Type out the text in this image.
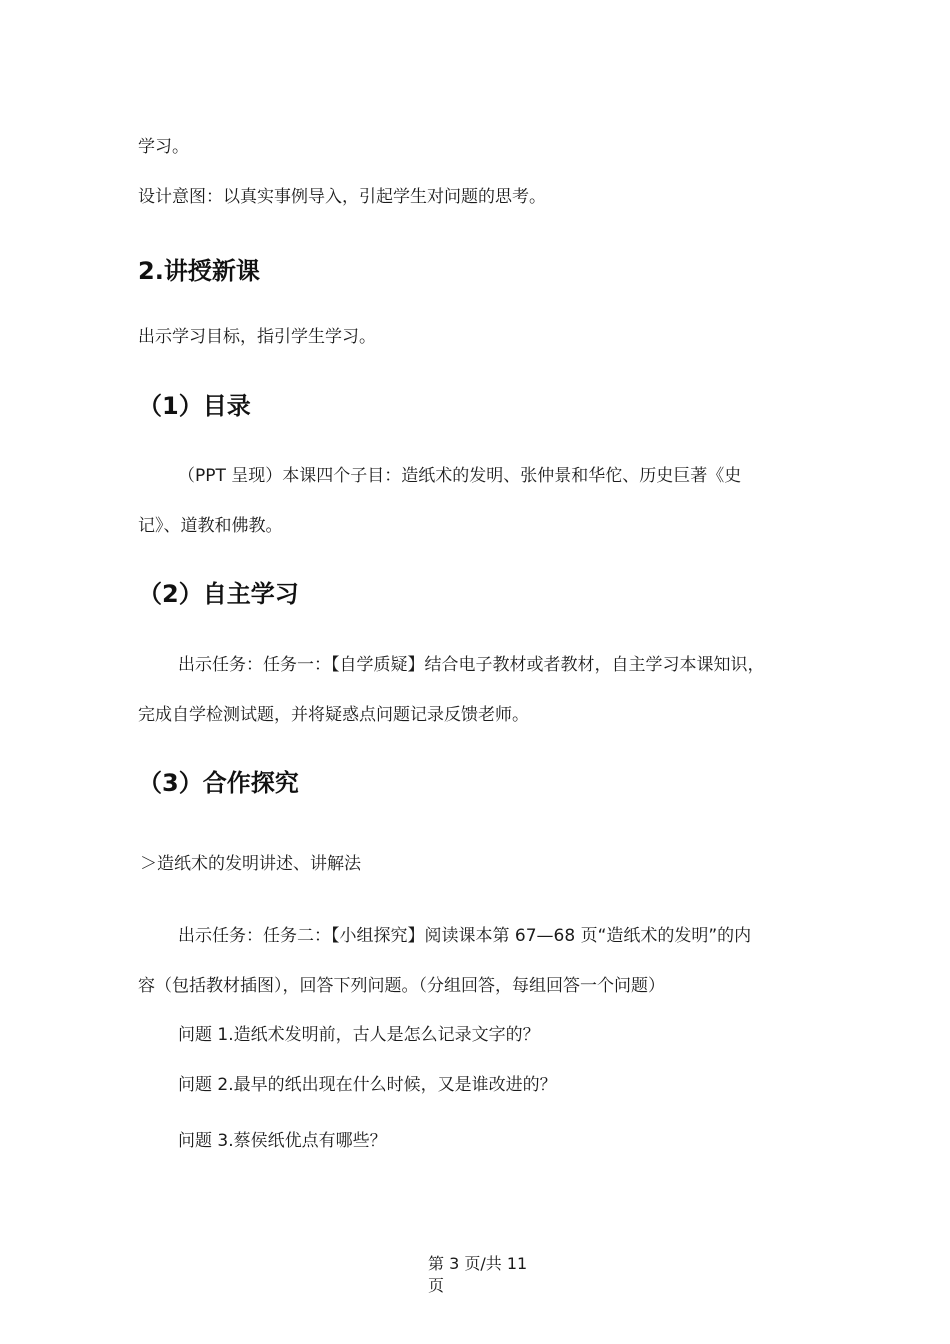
学习。

设计意图：以真实事例导入，引起学生对问题的思考。

2.讲授新课

出示学习目标，指引学生学习。

（1）目录

（PPT 呈现）本课四个子目：造纸术的发明、张仲景和华佗、历史巨著《史

记》、道教和佛教。

（2）自主学习

出示任务：任务一：【自学质疑】结合电子教材或者教材，自主学习本课知识，

完成自学检测试题，并将疑惑点问题记录反馈老师。

（3）合作探究

＞造纸术的发明讲述、讲解法

出示任务：任务二：【小组探究】阅读课本第 67—68 页“造纸术的发明”的内

容（包括教材插图），回答下列问题。（分组回答，每组回答一个问题）

问题 1.造纸术发明前，古人是怎么记录文字的？

问题 2.最早的纸出现在什么时候，又是谁改进的？

问题 3.蔡侯纸优点有哪些？

第 3 页/共 11
页
